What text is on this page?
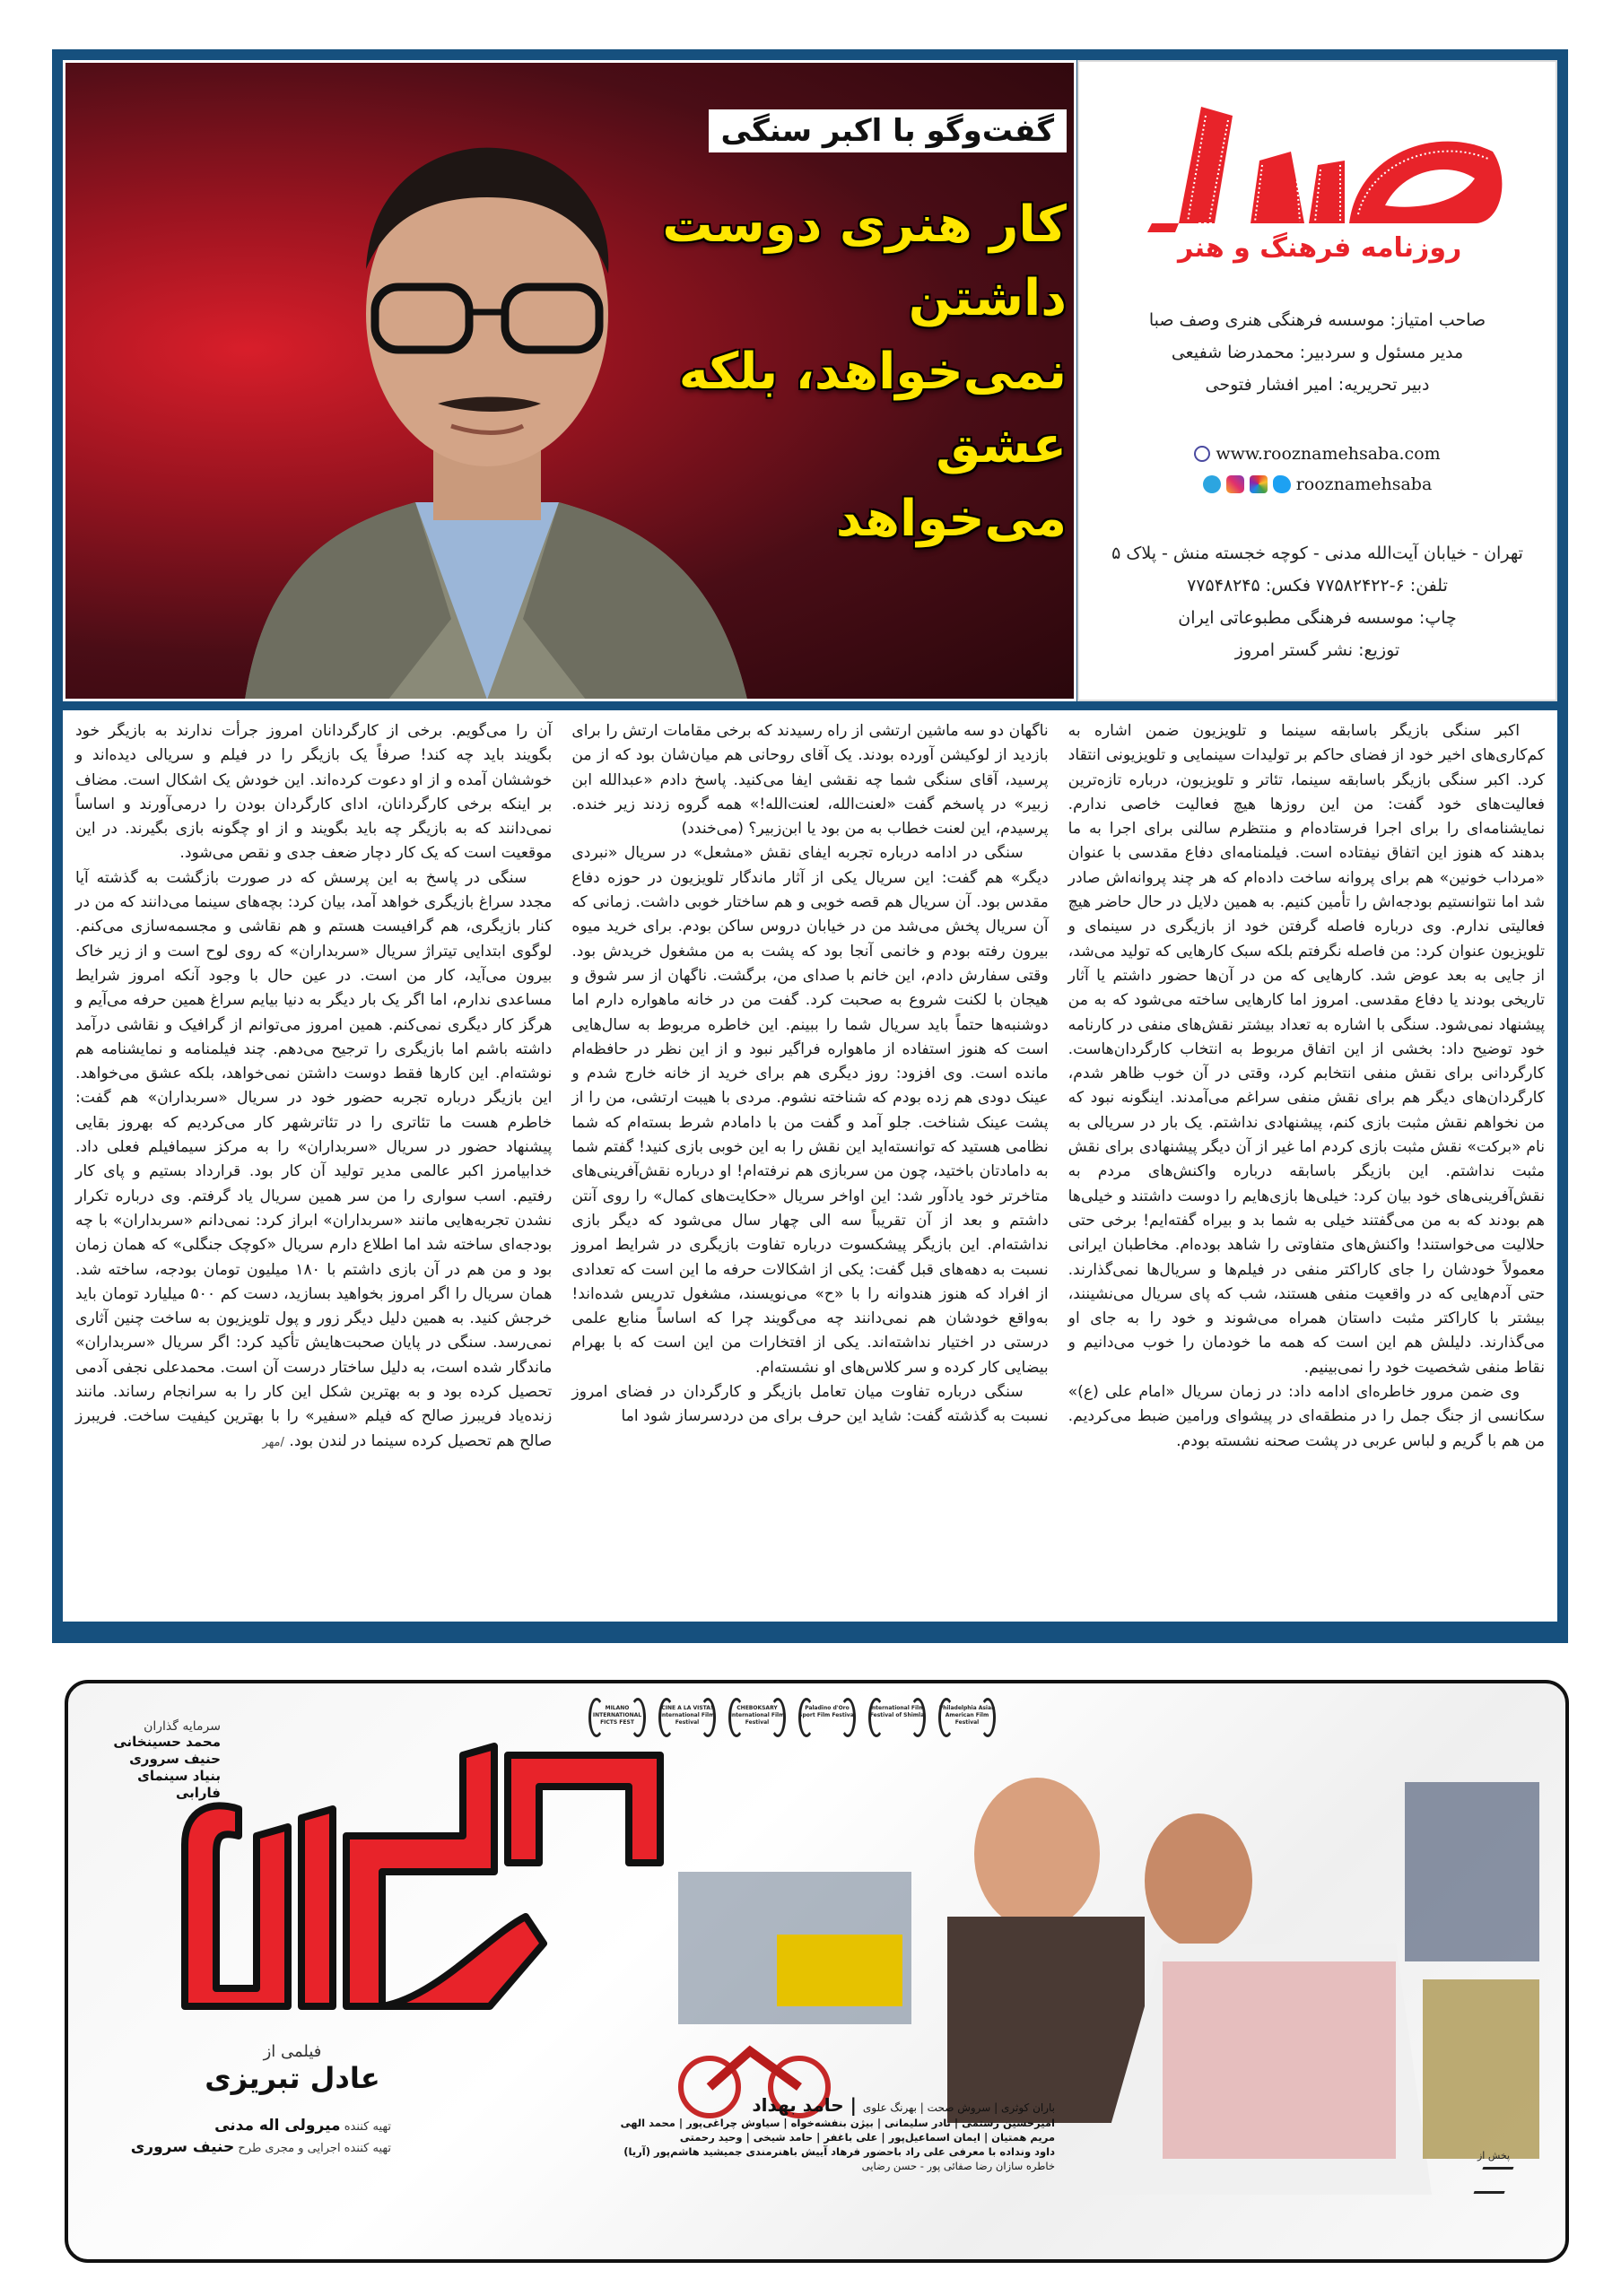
روزنامه فرهنگ و هنر
صاحب امتیاز: موسسه فرهنگی هنری وصف صبا
مدیر مسئول و سردبیر: محمدرضا شفیعی
دبیر تحریریه: امیر افشار فتوحی
www.rooznamehsaba.com
rooznamehsaba
تهران - خیابان آیت‌الله مدنی - کوچه خجسته منش - پلاک ۵
تلفن: ۶-۷۷۵۸۲۴۲۲ فکس: ۷۷۵۴۸۲۴۵
چاپ: موسسه فرهنگی مطبوعاتی ایران
توزیع: نشر گستر امروز
گفت‌وگو با اکبر سنگی
کار هنری دوست داشتن
نمی‌خواهد، بلکه عشق
می‌خواهد

اکبر سنگی بازیگر باسابقه سینما و تلویزیون ضمن اشاره به کم‌کاری‌های اخیر خود از فضای حاکم بر تولیدات سینمایی و تلویزیونی انتقاد کرد. اکبر سنگی بازیگر باسابقه سینما، تئاتر و تلویزیون، درباره تازه‌ترین فعالیت‌های خود گفت: من این روزها هیچ فعالیت خاصی ندارم. نمایشنامه‌ای را برای اجرا فرستاده‌ام و منتظرم سالنی برای اجرا به ما بدهند که هنوز این اتفاق نیفتاده است. فیلمنامه‌ای دفاع مقدسی با عنوان «مرداب خونین» هم برای پروانه ساخت داده‌ام که هر چند پروانه‌اش صادر شد اما نتوانستیم بودجه‌اش را تأمین کنیم. به همین دلایل در حال حاضر هیچ فعالیتی ندارم. وی درباره فاصله گرفتن خود از بازیگری در سینمای و تلویزیون عنوان کرد: من فاصله نگرفتم بلکه سبک کارهایی که تولید می‌شد، از جایی به بعد عوض شد. کارهایی که من در آن‌ها حضور داشتم یا آثار تاریخی بودند یا دفاع مقدسی. امروز اما کارهایی ساخته می‌شود که به من پیشنهاد نمی‌شود. سنگی با اشاره به تعداد بیشتر نقش‌های منفی در کارنامه خود توضیح داد: بخشی از این اتفاق مربوط به انتخاب کارگردان‌هاست. کارگردانی برای نقش منفی انتخابم کرد، وقتی در آن خوب ظاهر شدم، کارگردان‌های دیگر هم برای نقش منفی سراغم می‌آمدند. اینگونه نبود که من نخواهم نقش مثبت بازی کنم، پیشنهادی نداشتم. یک بار در سریالی به نام «برکت» نقش مثبت بازی کردم اما غیر از آن دیگر پیشنهادی برای نقش مثبت نداشتم. این بازیگر باسابقه درباره واکنش‌های مردم به نقش‌آفرینی‌های خود بیان کرد: خیلی‌ها بازی‌هایم را دوست داشتند و خیلی‌ها هم بودند که به من می‌گفتند خیلی به شما بد و بیراه گفته‌ایم! برخی حتی حلالیت می‌خواستند! واکنش‌های متفاوتی را شاهد بوده‌ام. مخاطبان ایرانی معمولاً خودشان را جای کاراکتر منفی در فیلم‌ها و سریال‌ها نمی‌گذارند. حتی آدم‌هایی که در واقعیت منفی هستند، شب که پای سریال می‌نشینند، بیشتر با کاراکتر مثبت داستان همراه می‌شوند و خود را به جای او می‌گذارند. دلیلش هم این است که همه ما خودمان را خوب می‌دانیم و نقاط منفی شخصیت خود را نمی‌بینیم.

وی ضمن مرور خاطره‌ای ادامه داد: در زمان سریال «امام علی (ع)» سکانسی از جنگ جمل را در منطقه‌ای در پیشوای ورامین ضبط می‌کردیم. من هم با گریم و لباس عربی در پشت صحنه نشسته بودم.

ناگهان دو سه ماشین ارتشی از راه رسیدند که برخی مقامات ارتش را برای بازدید از لوکیشن آورده بودند. یک آقای روحانی هم میان‌شان بود که از من پرسید، آقای سنگی شما چه نقشی ایفا می‌کنید. پاسخ دادم «عبدالله ابن زبیر» در پاسخم گفت «لعنت‌الله، لعنت‌الله!» همه گروه زدند زیر خنده. پرسیدم، این لعنت خطاب به من بود یا ابن‌زبیر؟ (می‌خندد)

سنگی در ادامه درباره تجربه ایفای نقش «مشعل» در سریال «نبردی دیگر» هم گفت: این سریال یکی از آثار ماندگار تلویزیون در حوزه دفاع مقدس بود. آن سریال هم قصه خوبی و هم ساختار خوبی داشت. زمانی که آن سریال پخش می‌شد من در خیابان دروس ساکن بودم. برای خرید میوه بیرون رفته بودم و خانمی آنجا بود که پشت به من مشغول خریدش بود. وقتی سفارش دادم، این خانم با صدای من، برگشت. ناگهان از سر شوق و هیجان با لکنت شروع به صحبت کرد. گفت من در خانه ماهواره دارم اما دوشنبه‌ها حتماً باید سریال شما را ببینم. این خاطره مربوط به سال‌هایی است که هنوز استفاده از ماهواره فراگیر نبود و از این نظر در حافظه‌ام مانده است. وی افزود: روز دیگری هم برای خرید از خانه خارج شدم و عینک دودی هم زده بودم که شناخته نشوم. مردی با هیبت ارتشی، من را از پشت عینک شناخت. جلو آمد و گفت من با دامادم شرط بسته‌ام که شما نظامی هستید که توانسته‌اید این نقش را به این خوبی بازی کنید! گفتم شما به دامادتان باختید، چون من سربازی هم نرفته‌ام! او درباره نقش‌آفرینی‌های متاخرتر خود یادآور شد: این اواخر سریال «حکایت‌های کمال» را روی آنتن داشتم و بعد از آن تقریباً سه الی چهار سال می‌شود که دیگر بازی نداشته‌ام. این بازیگر پیشکسوت درباره تفاوت بازیگری در شرایط امروز نسبت به دهه‌های قبل گفت: یکی از اشکالات حرفه ما این است که تعدادی از افراد که هنوز هندوانه را با «ح» می‌نویسند، مشغول تدریس شده‌اند! به‌واقع خودشان هم نمی‌دانند چه می‌گویند چرا که اساساً منابع علمی درستی در اختیار نداشته‌اند. یکی از افتخارات من این است که با بهرام بیضایی کار کرده و سر کلاس‌های او نشسته‌ام.

سنگی درباره تفاوت میان تعامل بازیگر و کارگردان در فضای امروز نسبت به گذشته گفت: شاید این حرف برای من دردسرساز شود اما

آن را می‌گویم. برخی از کارگردانان امروز جرأت ندارند به بازیگر خود بگویند باید چه کند! صرفاً یک بازیگر را در فیلم و سریالی دیده‌اند و خوششان آمده و از او دعوت کرده‌اند. این خودش یک اشکال است. مضاف بر اینکه برخی کارگردانان، ادای کارگردان بودن را درمی‌آورند و اساساً نمی‌دانند که به بازیگر چه باید بگویند و از او چگونه بازی بگیرند. در این موقعیت است که یک کار دچار ضعف جدی و نقص می‌شود.

سنگی در پاسخ به این پرسش که در صورت بازگشت به گذشته آیا مجدد سراغ بازیگری خواهد آمد، بیان کرد: بچه‌های سینما می‌دانند که من در کنار بازیگری، هم گرافیست هستم و هم نقاشی و مجسمه‌سازی می‌کنم. لوگوی ابتدایی تیتراژ سریال «سربداران» که روی لوح است و از زیر خاک بیرون می‌آید، کار من است. در عین حال با وجود آنکه امروز شرایط مساعدی ندارم، اما اگر یک بار دیگر به دنیا بیایم سراغ همین حرفه می‌آیم و هرگز کار دیگری نمی‌کنم. همین امروز می‌توانم از گرافیک و نقاشی درآمد داشته باشم اما بازیگری را ترجیح می‌دهم. چند فیلمنامه و نمایشنامه هم نوشته‌ام. این کارها فقط دوست داشتن نمی‌خواهد، بلکه عشق می‌خواهد. این بازیگر درباره تجربه حضور خود در سریال «سربداران» هم گفت: خاطرم هست ما تئاتری را در تئاترشهر کار می‌کردیم که بهروز بقایی پیشنهاد حضور در سریال «سربداران» را به مرکز سیمافیلم فعلی داد. خدابیامرز اکبر عالمی مدیر تولید آن کار بود. قرارداد بستیم و پای کار رفتیم. اسب سواری را من سر همین سریال یاد گرفتم. وی درباره تکرار نشدن تجربه‌هایی مانند «سربداران» ابراز کرد: نمی‌دانم «سربداران» با چه بودجه‌ای ساخته شد اما اطلاع دارم سریال «کوچک جنگلی» که همان زمان بود و من هم در آن بازی داشتم با ۱۸۰ میلیون تومان بودجه، ساخته شد. همان سریال را اگر امروز بخواهید بسازید، دست کم ۵۰۰ میلیارد تومان باید خرجش کنید. به همین دلیل دیگر زور و پول تلویزیون به ساخت چنین آثاری نمی‌رسد. سنگی در پایان صحبت‌هایش تأکید کرد: اگر سریال «سربداران» ماندگار شده است، به دلیل ساختار درست آن است. محمدعلی نجفی آدمی تحصیل کرده بود و به بهترین شکل این کار را به سرانجام رساند. مانند زنده‌یاد فریبرز صالح که فیلم «سفیر» را با بهترین کیفیت ساخت. فریبرز صالح هم تحصیل کرده سینما در لندن بود. /مهر

سرمایه گذاران
محمد حسینخانی
حنیف سروری
بنیاد سینمای فارابی
فیلمی از
عادل تبریزی
تهیه کننده میرولی اله مدنی
تهیه کننده اجرایی و مجری طرح حنیف سروری
MILANO INTERNATIONAL FICTS FEST
CINE A LA VISTA! International Film Festival
CHEBOKSARY International Film Festival
Paladino d'Oro Sport Film Festival
International Film Festival of Shimla
Philadelphia Asian American Film Festival
باران کوثری | سروش صحت | بهرنگ علوی | حامد بهداد
امیرحسین رستمی | نادر سلیمانی | بیژن بنفشه‌خواه | سیاوش چراغی‌پور | محمد الهی
مریم همتیان | ایمان اسماعیل‌پور | علی باغفر | حامد شیخی | وحید رحمتی
داود ونداده با معرفی علی راد باحضور فرهاد آییش باهنرمندی جمیشید هاشم‌پور (آریا)
خاطره سازان رضا صفائی پور - حسن رضایی
پخش از
